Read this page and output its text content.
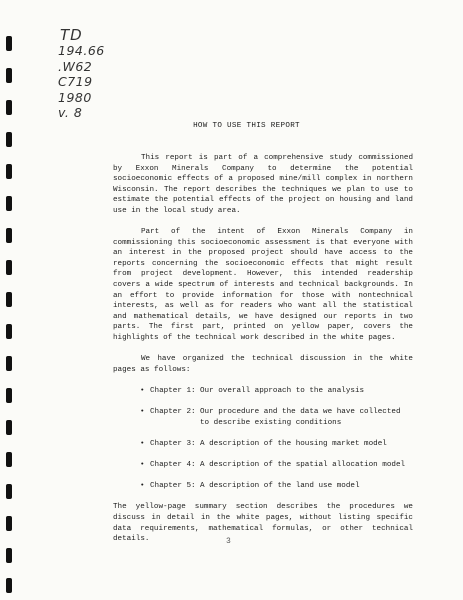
TD
194.66
.W62
C719
1980
v. 8
HOW TO USE THIS REPORT

This report is part of a comprehensive study commissioned by Exxon Minerals Company to determine the potential socioeconomic effects of a proposed mine/mill complex in northern Wisconsin. The report describes the techniques we plan to use to estimate the potential effects of the project on housing and land use in the local study area.

Part of the intent of Exxon Minerals Company in commissioning this socioeconomic assessment is that everyone with an interest in the proposed project should have access to the reports concerning the socioeconomic effects that might result from project development. However, this intended readership covers a wide spectrum of interests and technical backgrounds. In an effort to provide information for those with nontechnical interests, as well as for readers who want all the statistical and mathematical details, we have designed our reports in two parts. The first part, printed on yellow paper, covers the highlights of the technical work described in the white pages.

We have organized the technical discussion in the white pages as follows:

• Chapter 1: Our overall approach to the analysis
• Chapter 2: Our procedure and the data we have collected to describe existing conditions
• Chapter 3: A description of the housing market model
• Chapter 4: A description of the spatial allocation model
• Chapter 5: A description of the land use model

The yellow-page summary section describes the procedures we discuss in detail in the white pages, without listing specific data requirements, mathematical formulas, or other technical details.	3
